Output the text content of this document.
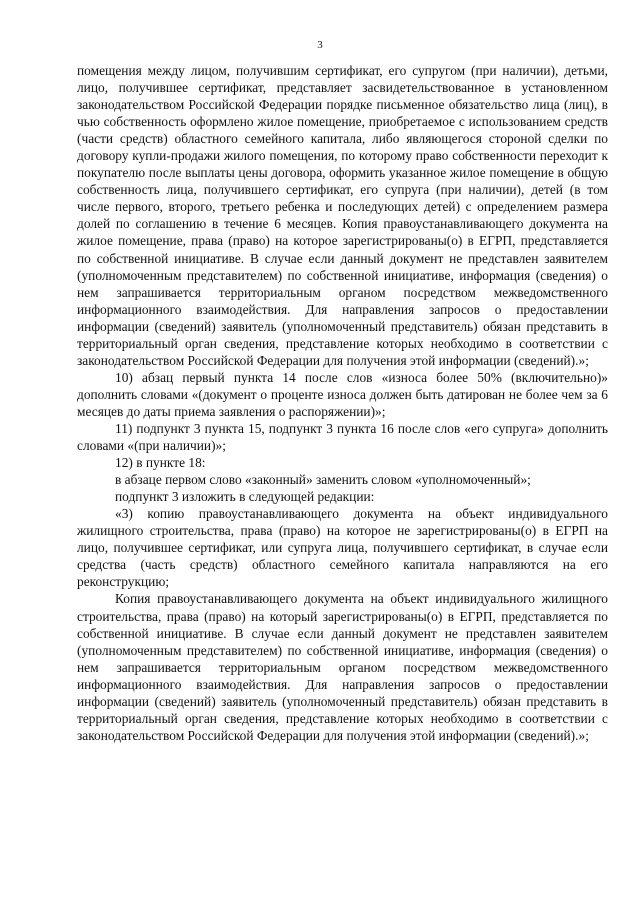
3

помещения между лицом, получившим сертификат, его супругом (при наличии), детьми, лицо, получившее сертификат, представляет засвидетельствованное в установленном законодательством Российской Федерации порядке письменное обязательство лица (лиц), в чью собственность оформлено жилое помещение, приобретаемое с использованием средств (части средств) областного семейного капитала, либо являющегося стороной сделки по договору купли-продажи жилого помещения, по которому право собственности переходит к покупателю после выплаты цены договора, оформить указанное жилое помещение в общую собственность лица, получившего сертификат, его супруга (при наличии), детей (в том числе первого, второго, третьего ребенка и последующих детей) с определением размера долей по соглашению в течение 6 месяцев. Копия правоустанавливающего документа на жилое помещение, права (право) на которое зарегистрированы(о) в ЕГРП, представляется по собственной инициативе. В случае если данный документ не представлен заявителем (уполномоченным представителем) по собственной инициативе, информация (сведения) о нем запрашивается территориальным органом посредством межведомственного информационного взаимодействия. Для направления запросов о предоставлении информации (сведений) заявитель (уполномоченный представитель) обязан представить в территориальный орган сведения, представление которых необходимо в соответствии с законодательством Российской Федерации для получения этой информации (сведений).»;

10) абзац первый пункта 14 после слов «износа более 50% (включительно)» дополнить словами «(документ о проценте износа должен быть датирован не более чем за 6 месяцев до даты приема заявления о распоряжении)»;

11) подпункт 3 пункта 15, подпункт 3 пункта 16 после слов «его супруга» дополнить словами «(при наличии)»;

12) в пункте 18:

в абзаце первом слово «законный» заменить словом «уполномоченный»;

подпункт 3 изложить в следующей редакции:

«3) копию правоустанавливающего документа на объект индивидуального жилищного строительства, права (право) на которое не зарегистрированы(о) в ЕГРП на лицо, получившее сертификат, или супруга лица, получившего сертификат, в случае если средства (часть средств) областного семейного капитала направляются на его реконструкцию;

Копия правоустанавливающего документа на объект индивидуального жилищного строительства, права (право) на который зарегистрированы(о) в ЕГРП, представляется по собственной инициативе. В случае если данный документ не представлен заявителем (уполномоченным представителем) по собственной инициативе, информация (сведения) о нем запрашивается территориальным органом посредством межведомственного информационного взаимодействия. Для направления запросов о предоставлении информации (сведений) заявитель (уполномоченный представитель) обязан представить в территориальный орган сведения, представление которых необходимо в соответствии с законодательством Российской Федерации для получения этой информации (сведений).»;
